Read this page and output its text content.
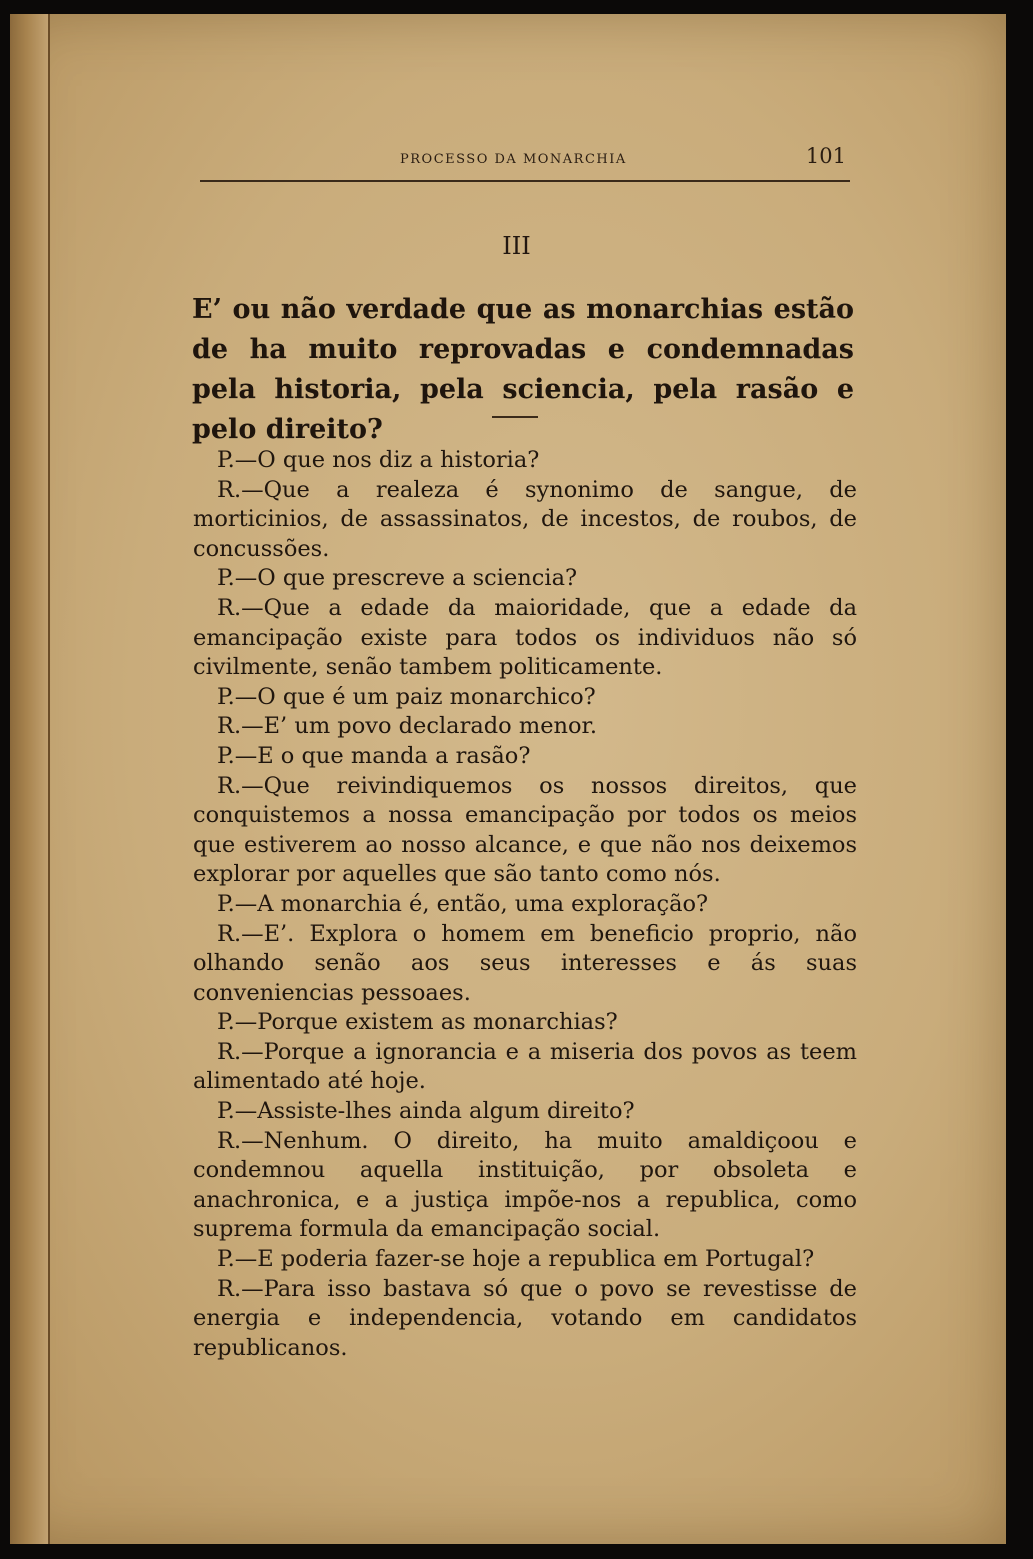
PROCESSO DA MONARCHIA	101
III
E’ ou não verdade que as monarchias estão de ha muito reprovadas e condemnadas pela historia, pela sciencia, pela rasão e pelo direito?

P.—O que nos diz a historia?

R.—Que a realeza é synonimo de sangue, de morticinios, de assassinatos, de incestos, de roubos, de concussões.

P.—O que prescreve a sciencia?

R.—Que a edade da maioridade, que a edade da emancipação existe para todos os individuos não só civilmente, senão tambem politicamente.

P.—O que é um paiz monarchico?

R.—E’ um povo declarado menor.

P.—E o que manda a rasão?

R.—Que reivindiquemos os nossos direitos, que conquistemos a nossa emancipação por todos os meios que estiverem ao nosso alcance, e que não nos deixemos explorar por aquelles que são tanto como nós.

P.—A monarchia é, então, uma exploração?

R.—E’. Explora o homem em beneficio proprio, não olhando senão aos seus interesses e ás suas conveniencias pessoaes.

P.—Porque existem as monarchias?

R.—Porque a ignorancia e a miseria dos povos as teem alimentado até hoje.

P.—Assiste-lhes ainda algum direito?

R.—Nenhum. O direito, ha muito amaldiçoou e condemnou aquella instituição, por obsoleta e anachronica, e a justiça impõe-nos a republica, como suprema formula da emancipação social.

P.—E poderia fazer-se hoje a republica em Portugal?

R.—Para isso bastava só que o povo se revestisse de energia e independencia, votando em candidatos republicanos.
